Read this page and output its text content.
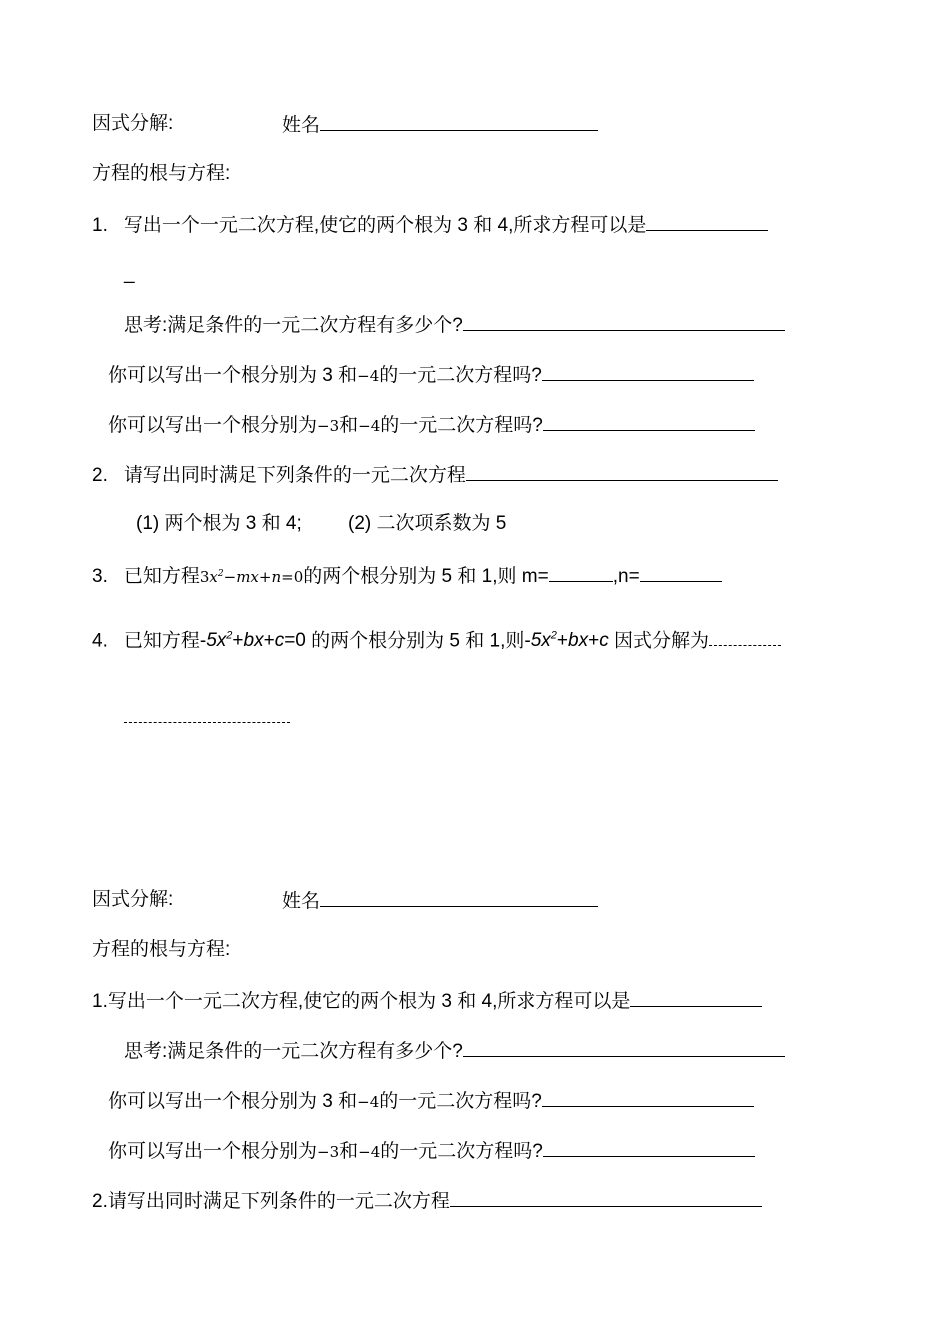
因式分解:	姓名
方程的根与方程:
1. 写出一个一元二次方程,使它的两个根为 3 和 4,所求方程可以是
_
思考:满足条件的一元二次方程有多少个?
你可以写出一个根分别为 3 和−4的一元二次方程吗?
你可以写出一个根分别为−3和−4的一元二次方程吗?
2. 请写出同时满足下列条件的一元二次方程
(1) 两个根为 3 和 4; (2) 二次项系数为 5
3. 已知方程$3x^2-mx+n=0$的两个根分别为 5 和 1,则 m=	,n=
4. 已知方程$-5x^2+bx+c=0$ 的两个根分别为 5 和 1,则$-5x^2+bx+c$ 因式分解为
因式分解:	姓名
方程的根与方程:
1.写出一个一元二次方程,使它的两个根为 3 和 4,所求方程可以是
思考:满足条件的一元二次方程有多少个?
你可以写出一个根分别为 3 和−4的一元二次方程吗?
你可以写出一个根分别为−3和−4的一元二次方程吗?
2.请写出同时满足下列条件的一元二次方程
